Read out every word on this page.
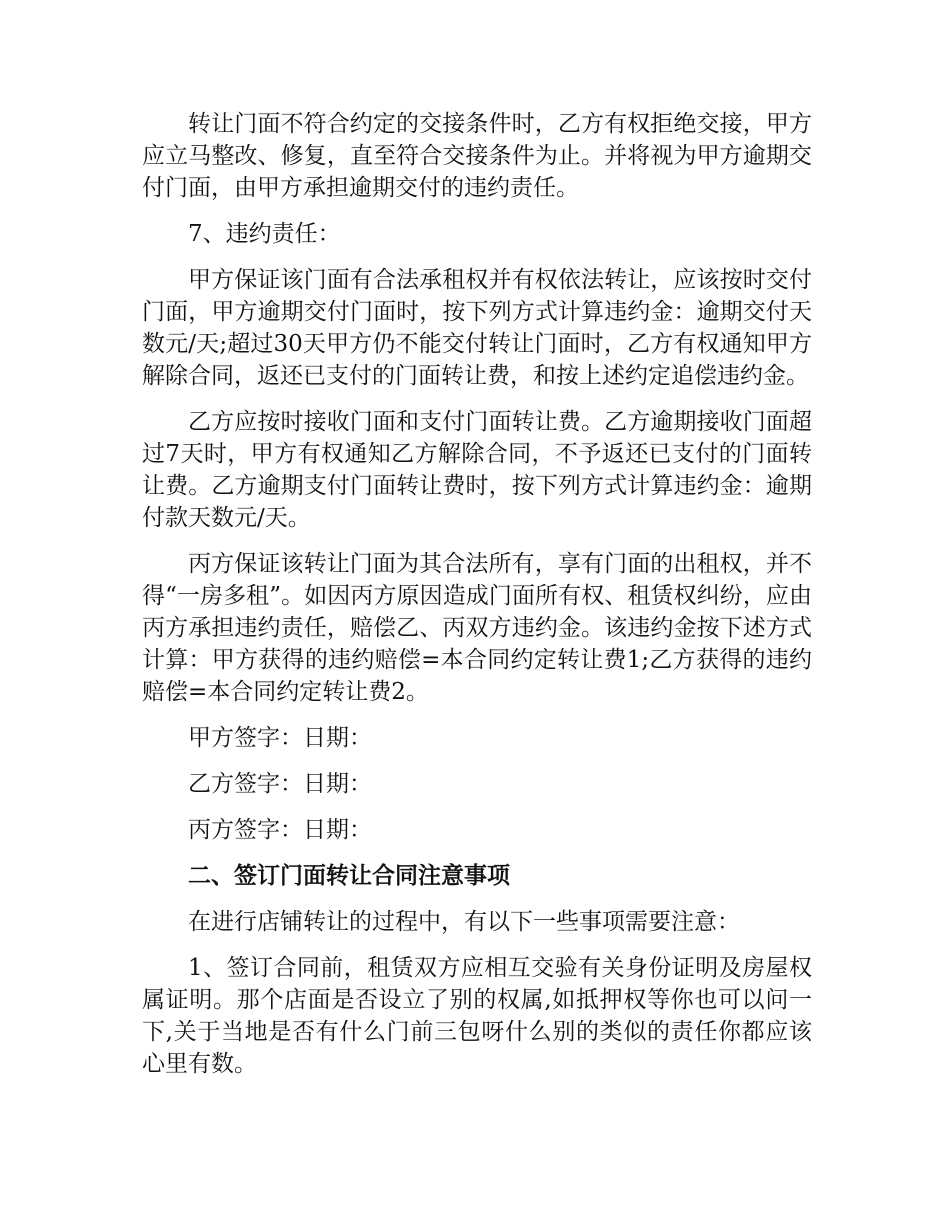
转让门面不符合约定的交接条件时，乙方有权拒绝交接，甲方应立马整改、修复，直至符合交接条件为止。并将视为甲方逾期交付门面，由甲方承担逾期交付的违约责任。

7、违约责任：

甲方保证该门面有合法承租权并有权依法转让，应该按时交付门面，甲方逾期交付门面时，按下列方式计算违约金：逾期交付天数元/天;超过30天甲方仍不能交付转让门面时，乙方有权通知甲方解除合同，返还已支付的门面转让费，和按上述约定追偿违约金。

乙方应按时接收门面和支付门面转让费。乙方逾期接收门面超过7天时，甲方有权通知乙方解除合同，不予返还已支付的门面转让费。乙方逾期支付门面转让费时，按下列方式计算违约金：逾期付款天数元/天。

丙方保证该转让门面为其合法所有，享有门面的出租权，并不得“一房多租”。如因丙方原因造成门面所有权、租赁权纠纷，应由丙方承担违约责任，赔偿乙、丙双方违约金。该违约金按下述方式计算：甲方获得的违约赔偿=本合同约定转让费1;乙方获得的违约赔偿=本合同约定转让费2。

甲方签字：日期：

乙方签字：日期：

丙方签字：日期：

二、签订门面转让合同注意事项

在进行店铺转让的过程中，有以下一些事项需要注意：

1、签订合同前，租赁双方应相互交验有关身份证明及房屋权属证明。那个店面是否设立了别的权属,如抵押权等你也可以问一下,关于当地是否有什么门前三包呀什么别的类似的责任你都应该心里有数。
